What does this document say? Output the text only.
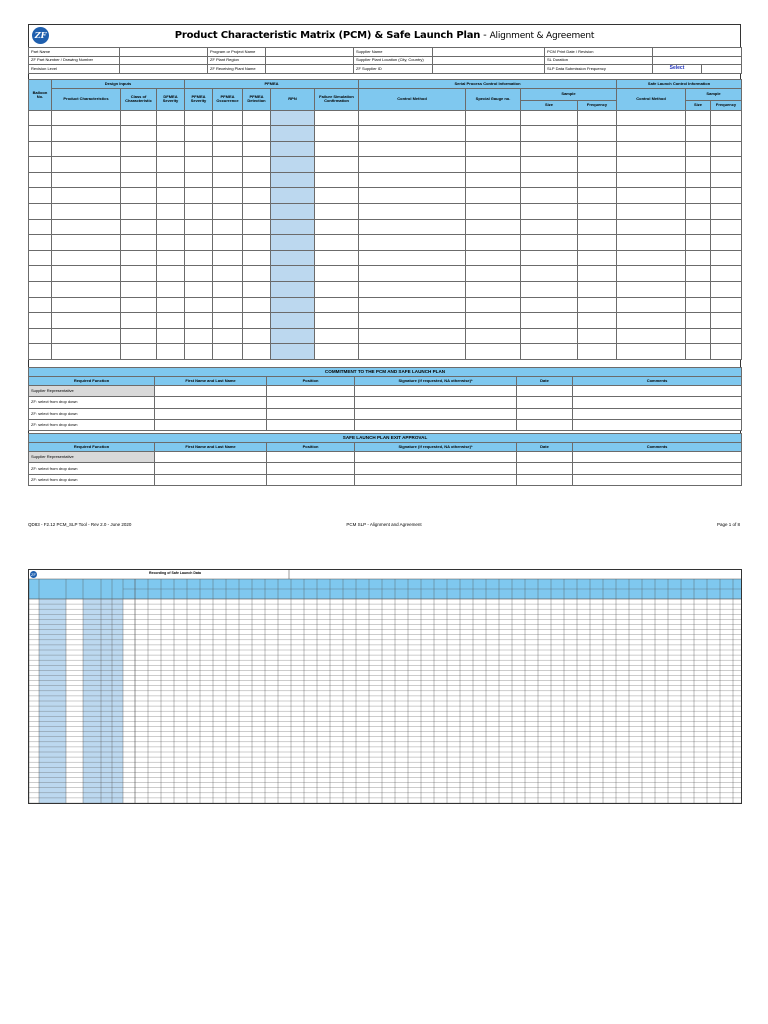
ZF	Product Characteristic Matrix (PCM) & Safe Launch Plan - Alignment & Agreement
Part Name		Program or Project Name		Supplier Name		PCM Print Date / Revision		
ZF Part Number / Drawing Number		ZF Plant Region		Supplier Plant Location (City, Country)		SL Duration		
Revision Level		ZF Receiving Plant Name		ZF Supplier ID		SLP Data Submission Frequency	Select	
Balloon No.	Design Inputs			PFMEA					Serial Process Control Information				Safe Launch Control Information		
	Product Characteristics	Class of Characteristic	DFMEA Severity	PFMEA Severity	PFMEA Occurrence	PFMEA Detection	RPN	Failure Simulation Confirmation	Control Method	Special Gauge no.	Sample		Control Method	Sample	
											Size	Frequency		Size	Frequency

COMMITMENT TO THE PCM AND SAFE LAUNCH PLAN					
Required Function	First Name and Last Name	Position	Signature (if requested, NA otherwise)*	Date	Comments
Supplier Representative					
ZF: select from drop down					
ZF: select from drop down					
ZF: select from drop down					
SAFE LAUNCH PLAN EXIT APPROVAL					
Required Function	First Name and Last Name	Position	Signature (if requested, NA otherwise)*	Date	Comments
Supplier Representative					
ZF: select from drop down					
ZF: select from drop down					
QD83 - F2.12 PCM_SLP Tool - Rev 2.0 - June 2020	PCM SLP - Alignment and Agreement	Page 1 of 8
ZF	Recording of Safe Launch Data
